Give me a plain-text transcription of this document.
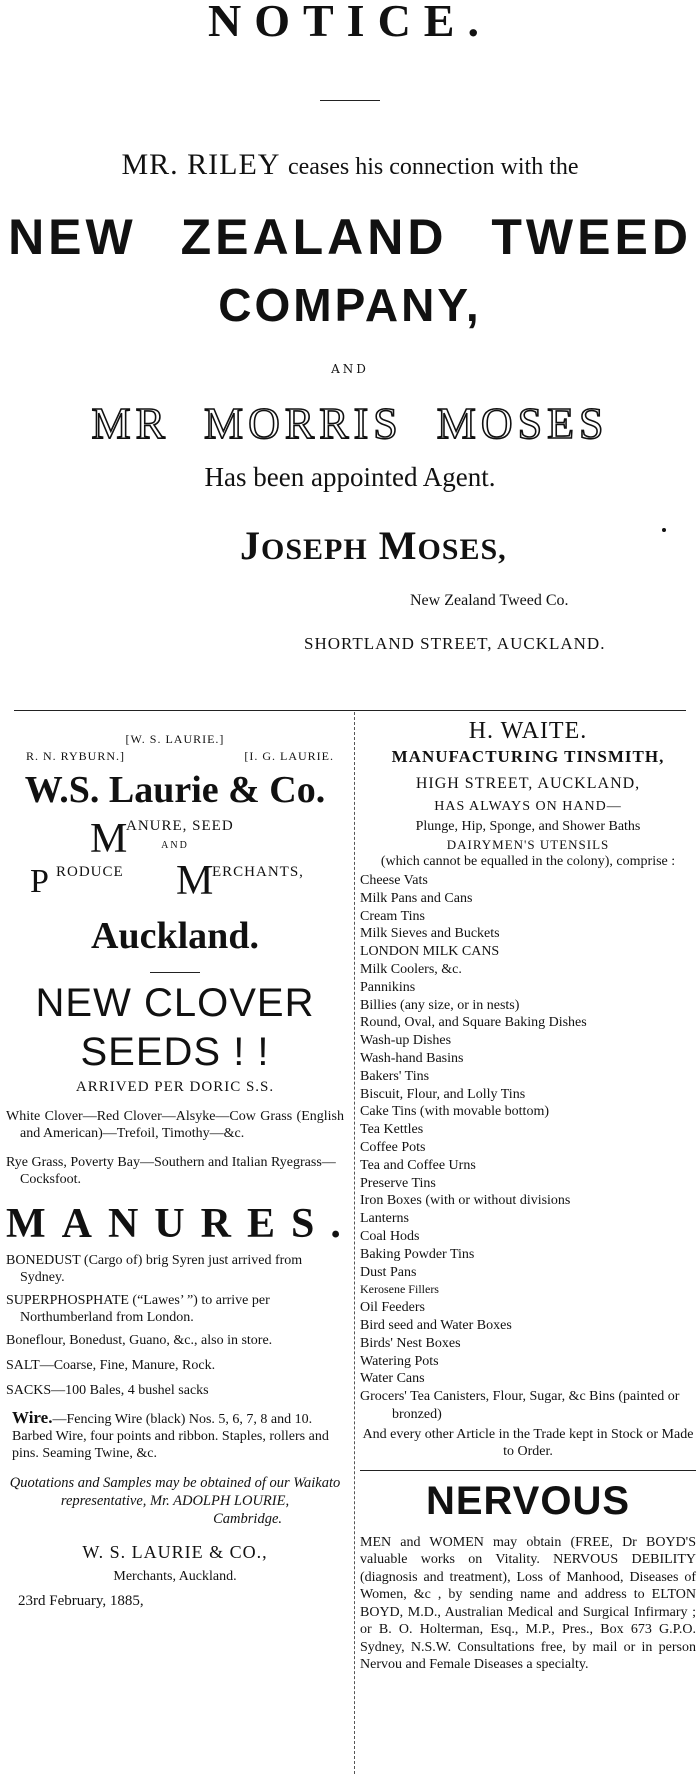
NOTICE.
MR. RILEY ceases his connection with the
NEW ZEALAND TWEED
COMPANY,
AND
MR MORRIS MOSES
Has been appointed Agent.
JOSEPH MOSES,
New Zealand Tweed Co.
SHORTLAND STREET, AUCKLAND.
[W. S. LAURIE.]
R. N. RYBURN.]	[I. G. LAURIE.
W.S. Laurie & Co.
M
ANURE, SEED
AND
P RODUCE M
ERCHANTS,
Auckland.
NEW CLOVER
SEEDS ! !
ARRIVED PER DORIC S.S.
White Clover—Red Clover—Alsyke—Cow Grass (English and American)—Trefoil, Timothy—&c.
Rye Grass, Poverty Bay—Southern and Italian Ryegrass—Cocksfoot.
MANURES.
BONEDUST (Cargo of) brig Syren just arrived from Sydney.
SUPERPHOSPHATE (“Lawes’ ”) to arrive per Northumberland from London.
Boneflour, Bonedust, Guano, &c., also in store.
SALT—Coarse, Fine, Manure, Rock.
SACKS—100 Bales, 4 bushel sacks
Wire.—Fencing Wire (black) Nos. 5, 6, 7, 8 and 10. Barbed Wire, four points and ribbon. Staples, rollers and pins. Seaming Twine, &c.
Quotations and Samples may be obtained of our Waikato representative, Mr. ADOLPH LOURIE,
Cambridge.
W. S. LAURIE & CO.,
Merchants, Auckland.
23rd February, 1885,
H. WAITE.
MANUFACTURING TINSMITH,
HIGH STREET, AUCKLAND,
HAS ALWAYS ON HAND—
Plunge, Hip, Sponge, and Shower Baths
DAIRYMEN'S UTENSILS
(which cannot be equalled in the colony), comprise :
Cheese Vats
Milk Pans and Cans
Cream Tins
Milk Sieves and Buckets
LONDON MILK CANS
Milk Coolers, &c.
Pannikins
Billies (any size, or in nests)
Round, Oval, and Square Baking Dishes
Wash-up Dishes
Wash-hand Basins
Bakers' Tins
Biscuit, Flour, and Lolly Tins
Cake Tins (with movable bottom)
Tea Kettles
Coffee Pots
Tea and Coffee Urns
Preserve Tins
Iron Boxes (with or without divisions
Lanterns
Coal Hods
Baking Powder Tins
Dust Pans
Kerosene Fillers
Oil Feeders
Bird seed and Water Boxes
Birds' Nest Boxes
Watering Pots
Water Cans
Grocers' Tea Canisters, Flour, Sugar, &c Bins (painted or bronzed)
And every other Article in the Trade kept in Stock or Made to Order.
NERVOUS
MEN and WOMEN may obtain (FREE, Dr BOYD'S valuable works on Vitality. NERVOUS DEBILITY (diagnosis and treatment), Loss of Manhood, Diseases of Women, &c , by sending name and address to ELTON BOYD, M.D., Australian Medical and Surgical Infirmary ; or B. O. Holterman, Esq., M.P., Pres., Box 673 G.P.O. Sydney, N.S.W. Consultations free, by mail or in person Nervou and Female Diseases a specialty.
